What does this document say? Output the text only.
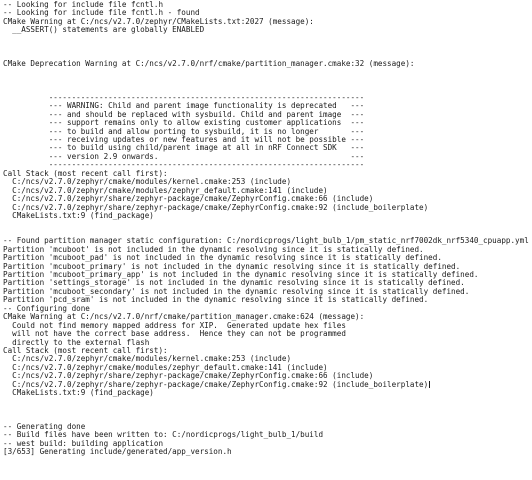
-- Looking for include file fcntl.h
-- Looking for include file fcntl.h - found
CMake Warning at C:/ncs/v2.7.0/zephyr/CMakeLists.txt:2027 (message):
__ASSERT() statements are globally ENABLED
CMake Deprecation Warning at C:/ncs/v2.7.0/nrf/cmake/partition_manager.cmake:32 (message):
---------------------------------------------------------------------
--- WARNING: Child and parent image functionality is deprecated   ---
--- and should be replaced with sysbuild. Child and parent image  ---
--- support remains only to allow existing customer applications  ---
--- to build and allow porting to sysbuild, it is no longer       ---
--- receiving updates or new features and it will not be possible ---
--- to build using child/parent image at all in nRF Connect SDK   ---
--- version 2.9 onwards.                                          ---
---------------------------------------------------------------------
Call Stack (most recent call first):
C:/ncs/v2.7.0/zephyr/cmake/modules/kernel.cmake:253 (include)
C:/ncs/v2.7.0/zephyr/cmake/modules/zephyr_default.cmake:141 (include)
C:/ncs/v2.7.0/zephyr/share/zephyr-package/cmake/ZephyrConfig.cmake:66 (include)
C:/ncs/v2.7.0/zephyr/share/zephyr-package/cmake/ZephyrConfig.cmake:92 (include_boilerplate)
CMakeLists.txt:9 (find_package)
-- Found partition manager static configuration: C:/nordicprogs/light_bulb_1/pm_static_nrf7002dk_nrf5340_cpuapp.yml
Partition 'mcuboot' is not included in the dynamic resolving since it is statically defined.
Partition 'mcuboot_pad' is not included in the dynamic resolving since it is statically defined.
Partition 'mcuboot_primary' is not included in the dynamic resolving since it is statically defined.
Partition 'mcuboot_primary_app' is not included in the dynamic resolving since it is statically defined.
Partition 'settings_storage' is not included in the dynamic resolving since it is statically defined.
Partition 'mcuboot_secondary' is not included in the dynamic resolving since it is statically defined.
Partition 'pcd_sram' is not included in the dynamic resolving since it is statically defined.
-- Configuring done
CMake Warning at C:/ncs/v2.7.0/nrf/cmake/partition_manager.cmake:624 (message):
Could not find memory mapped address for XIP.  Generated update hex files
will not have the correct base address.  Hence they can not be programmed
directly to the external flash
Call Stack (most recent call first):
C:/ncs/v2.7.0/zephyr/cmake/modules/kernel.cmake:253 (include)
C:/ncs/v2.7.0/zephyr/cmake/modules/zephyr_default.cmake:141 (include)
C:/ncs/v2.7.0/zephyr/share/zephyr-package/cmake/ZephyrConfig.cmake:66 (include)
C:/ncs/v2.7.0/zephyr/share/zephyr-package/cmake/ZephyrConfig.cmake:92 (include_boilerplate)
CMakeLists.txt:9 (find_package)
-- Generating done
-- Build files have been written to: C:/nordicprogs/light_bulb_1/build
-- west build: building application
[3/653] Generating include/generated/app_version.h
